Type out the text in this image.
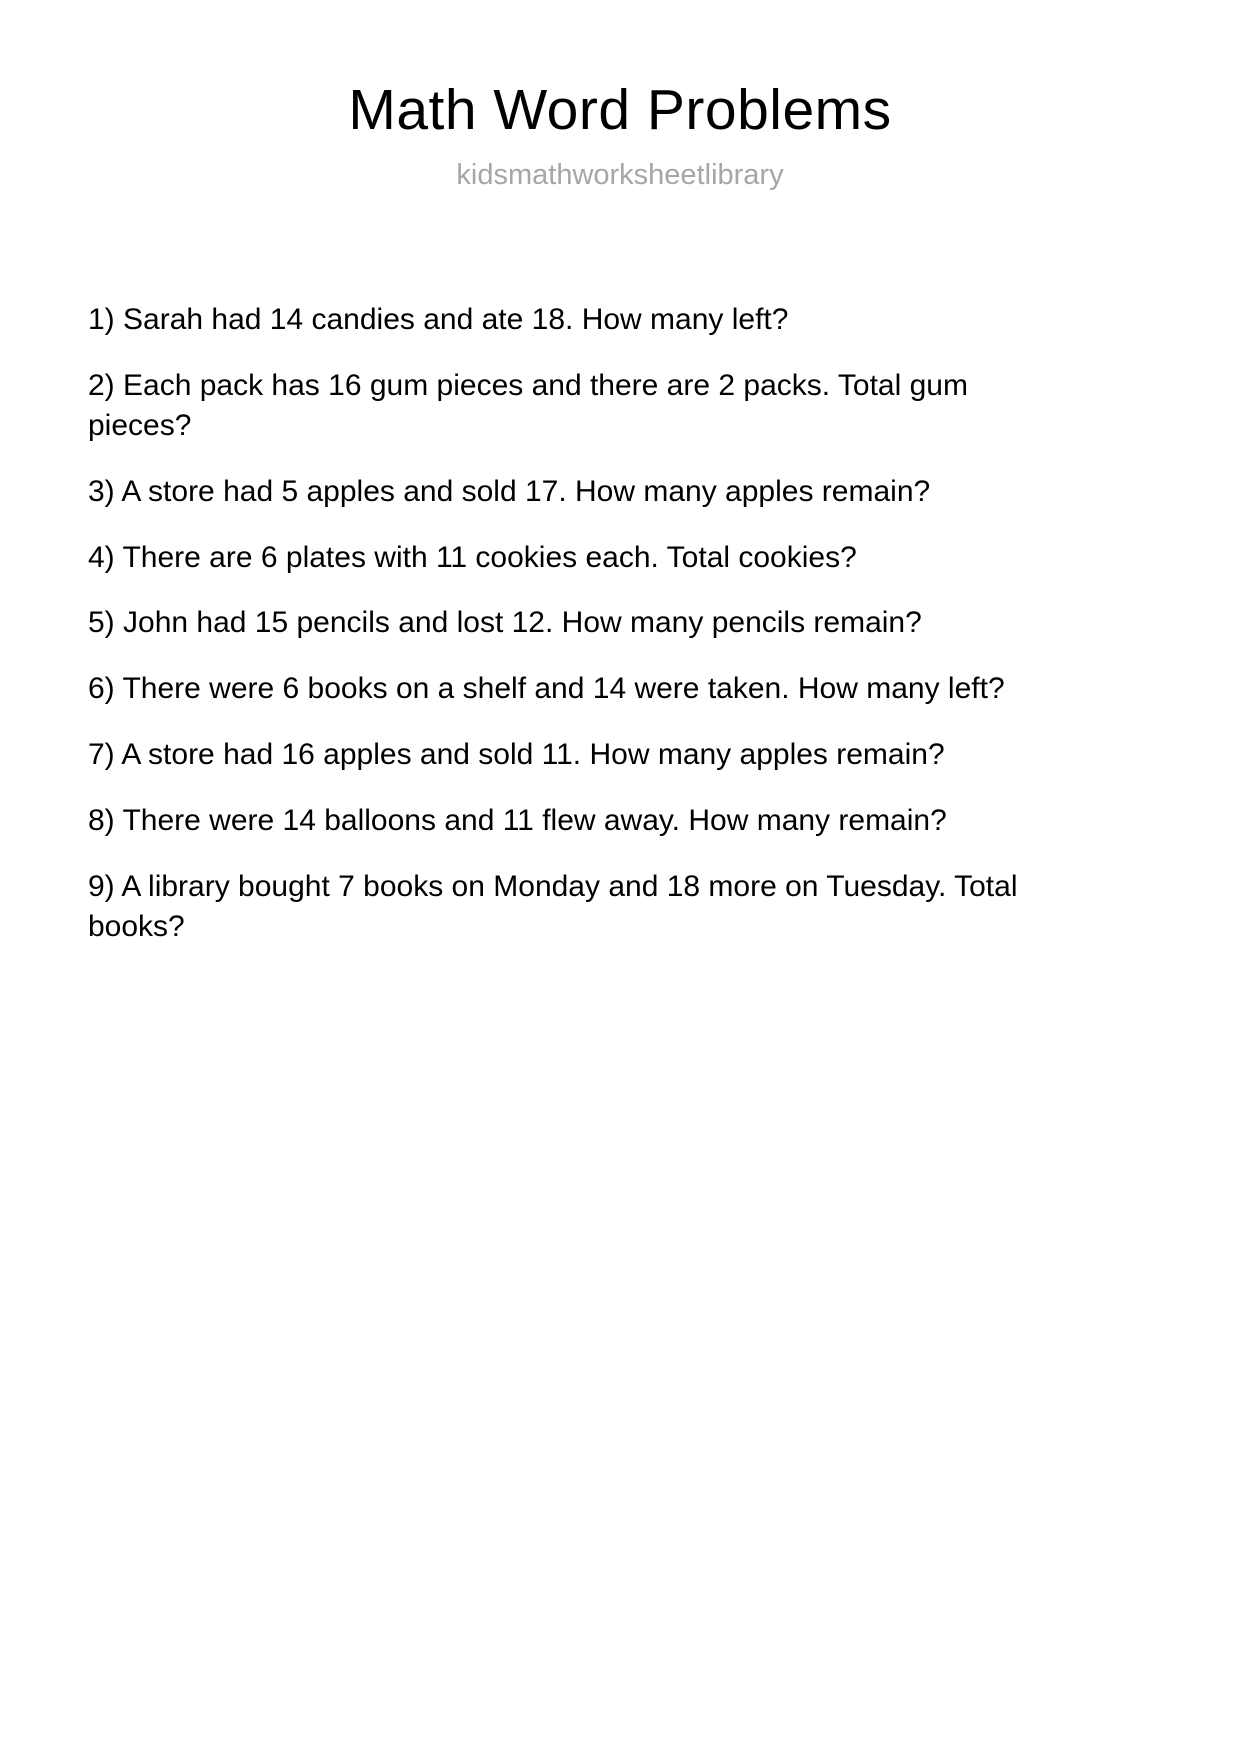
Math Word Problems

kidsmathworksheetlibrary

1) Sarah had 14 candies and ate 18. How many left?
2) Each pack has 16 gum pieces and there are 2 packs. Total gum pieces?
3) A store had 5 apples and sold 17. How many apples remain?
4) There are 6 plates with 11 cookies each. Total cookies?
5) John had 15 pencils and lost 12. How many pencils remain?
6) There were 6 books on a shelf and 14 were taken. How many left?
7) A store had 16 apples and sold 11. How many apples remain?
8) There were 14 balloons and 11 flew away. How many remain?
9) A library bought 7 books on Monday and 18 more on Tuesday. Total books?
